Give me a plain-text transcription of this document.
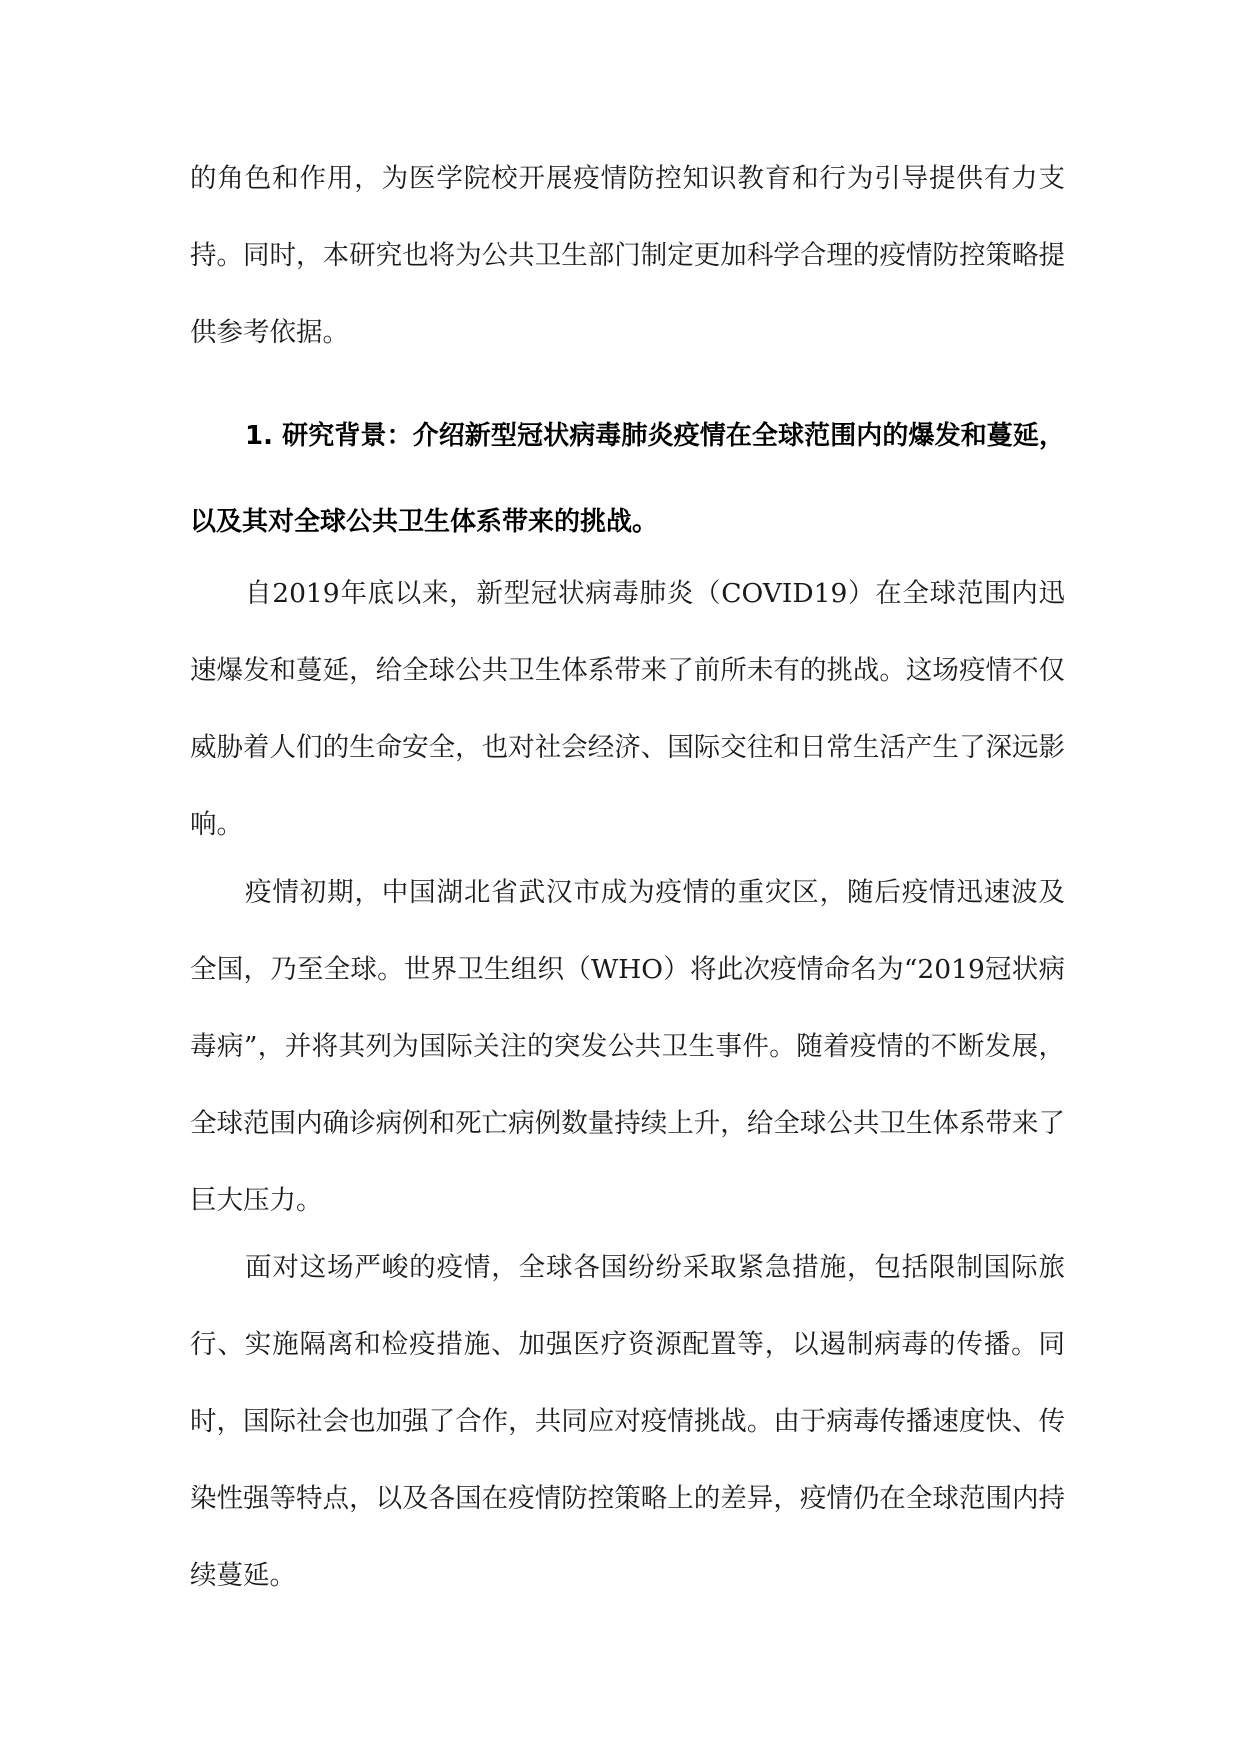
的角色和作用，为医学院校开展疫情防控知识教育和行为引导提供有力支持。同时，本研究也将为公共卫生部门制定更加科学合理的疫情防控策略提供参考依据。

1. 研究背景：介绍新型冠状病毒肺炎疫情在全球范围内的爆发和蔓延，以及其对全球公共卫生体系带来的挑战。

自2019年底以来，新型冠状病毒肺炎（COVID19）在全球范围内迅速爆发和蔓延，给全球公共卫生体系带来了前所未有的挑战。这场疫情不仅威胁着人们的生命安全，也对社会经济、国际交往和日常生活产生了深远影响。

疫情初期，中国湖北省武汉市成为疫情的重灾区，随后疫情迅速波及全国，乃至全球。世界卫生组织（WHO）将此次疫情命名为“2019冠状病毒病”，并将其列为国际关注的突发公共卫生事件。随着疫情的不断发展，全球范围内确诊病例和死亡病例数量持续上升，给全球公共卫生体系带来了巨大压力。

面对这场严峻的疫情，全球各国纷纷采取紧急措施，包括限制国际旅行、实施隔离和检疫措施、加强医疗资源配置等，以遏制病毒的传播。同时，国际社会也加强了合作，共同应对疫情挑战。由于病毒传播速度快、传染性强等特点，以及各国在疫情防控策略上的差异，疫情仍在全球范围内持续蔓延。
